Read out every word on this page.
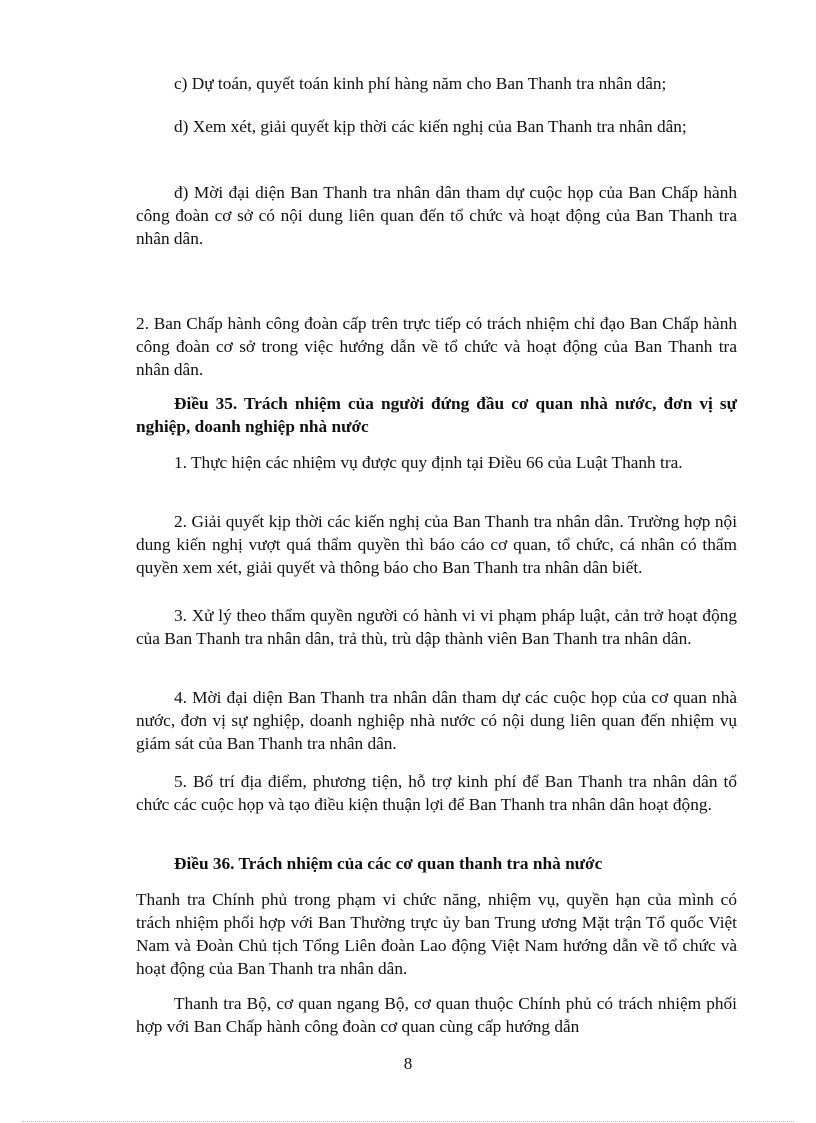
c) Dự toán, quyết toán kinh phí hàng năm cho Ban Thanh tra nhân dân;

d) Xem xét, giải quyết kịp thời các kiến nghị của Ban Thanh tra nhân dân;

đ) Mời đại diện Ban Thanh tra nhân dân tham dự cuộc họp của Ban Chấp hành công đoàn cơ sở có nội dung liên quan đến tổ chức và hoạt động của Ban Thanh tra nhân dân.

2. Ban Chấp hành công đoàn cấp trên trực tiếp có trách nhiệm chỉ đạo Ban Chấp hành công đoàn cơ sở trong việc hướng dẫn về tổ chức và hoạt động của Ban Thanh tra nhân dân.

Điều 35. Trách nhiệm của người đứng đầu cơ quan nhà nước, đơn vị sự nghiệp, doanh nghiệp nhà nước

1. Thực hiện các nhiệm vụ được quy định tại Điều 66 của Luật Thanh tra.

2. Giải quyết kịp thời các kiến nghị của Ban Thanh tra nhân dân. Trường hợp nội dung kiến nghị vượt quá thẩm quyền thì báo cáo cơ quan, tổ chức, cá nhân có thẩm quyền xem xét, giải quyết và thông báo cho Ban Thanh tra nhân dân biết.

3. Xử lý theo thẩm quyền người có hành vi vi phạm pháp luật, cản trở hoạt động của Ban Thanh tra nhân dân, trả thù, trù dập thành viên Ban Thanh tra nhân dân.

4. Mời đại diện Ban Thanh tra nhân dân tham dự các cuộc họp của cơ quan nhà nước, đơn vị sự nghiệp, doanh nghiệp nhà nước có nội dung liên quan đến nhiệm vụ giám sát của Ban Thanh tra nhân dân.

5. Bố trí địa điểm, phương tiện, hỗ trợ kinh phí để Ban Thanh tra nhân dân tổ chức các cuộc họp và tạo điều kiện thuận lợi để Ban Thanh tra nhân dân hoạt động.

Điều 36. Trách nhiệm của các cơ quan thanh tra nhà nước

Thanh tra Chính phủ trong phạm vi chức năng, nhiệm vụ, quyền hạn của mình có trách nhiệm phối hợp với Ban Thường trực ủy ban Trung ương Mặt trận Tổ quốc Việt Nam và Đoàn Chủ tịch Tổng Liên đoàn Lao động Việt Nam hướng dẫn về tổ chức và hoạt động của Ban Thanh tra nhân dân.

Thanh tra Bộ, cơ quan ngang Bộ, cơ quan thuộc Chính phủ có trách nhiệm phối hợp với Ban Chấp hành công đoàn cơ quan cùng cấp hướng dẫn

8
